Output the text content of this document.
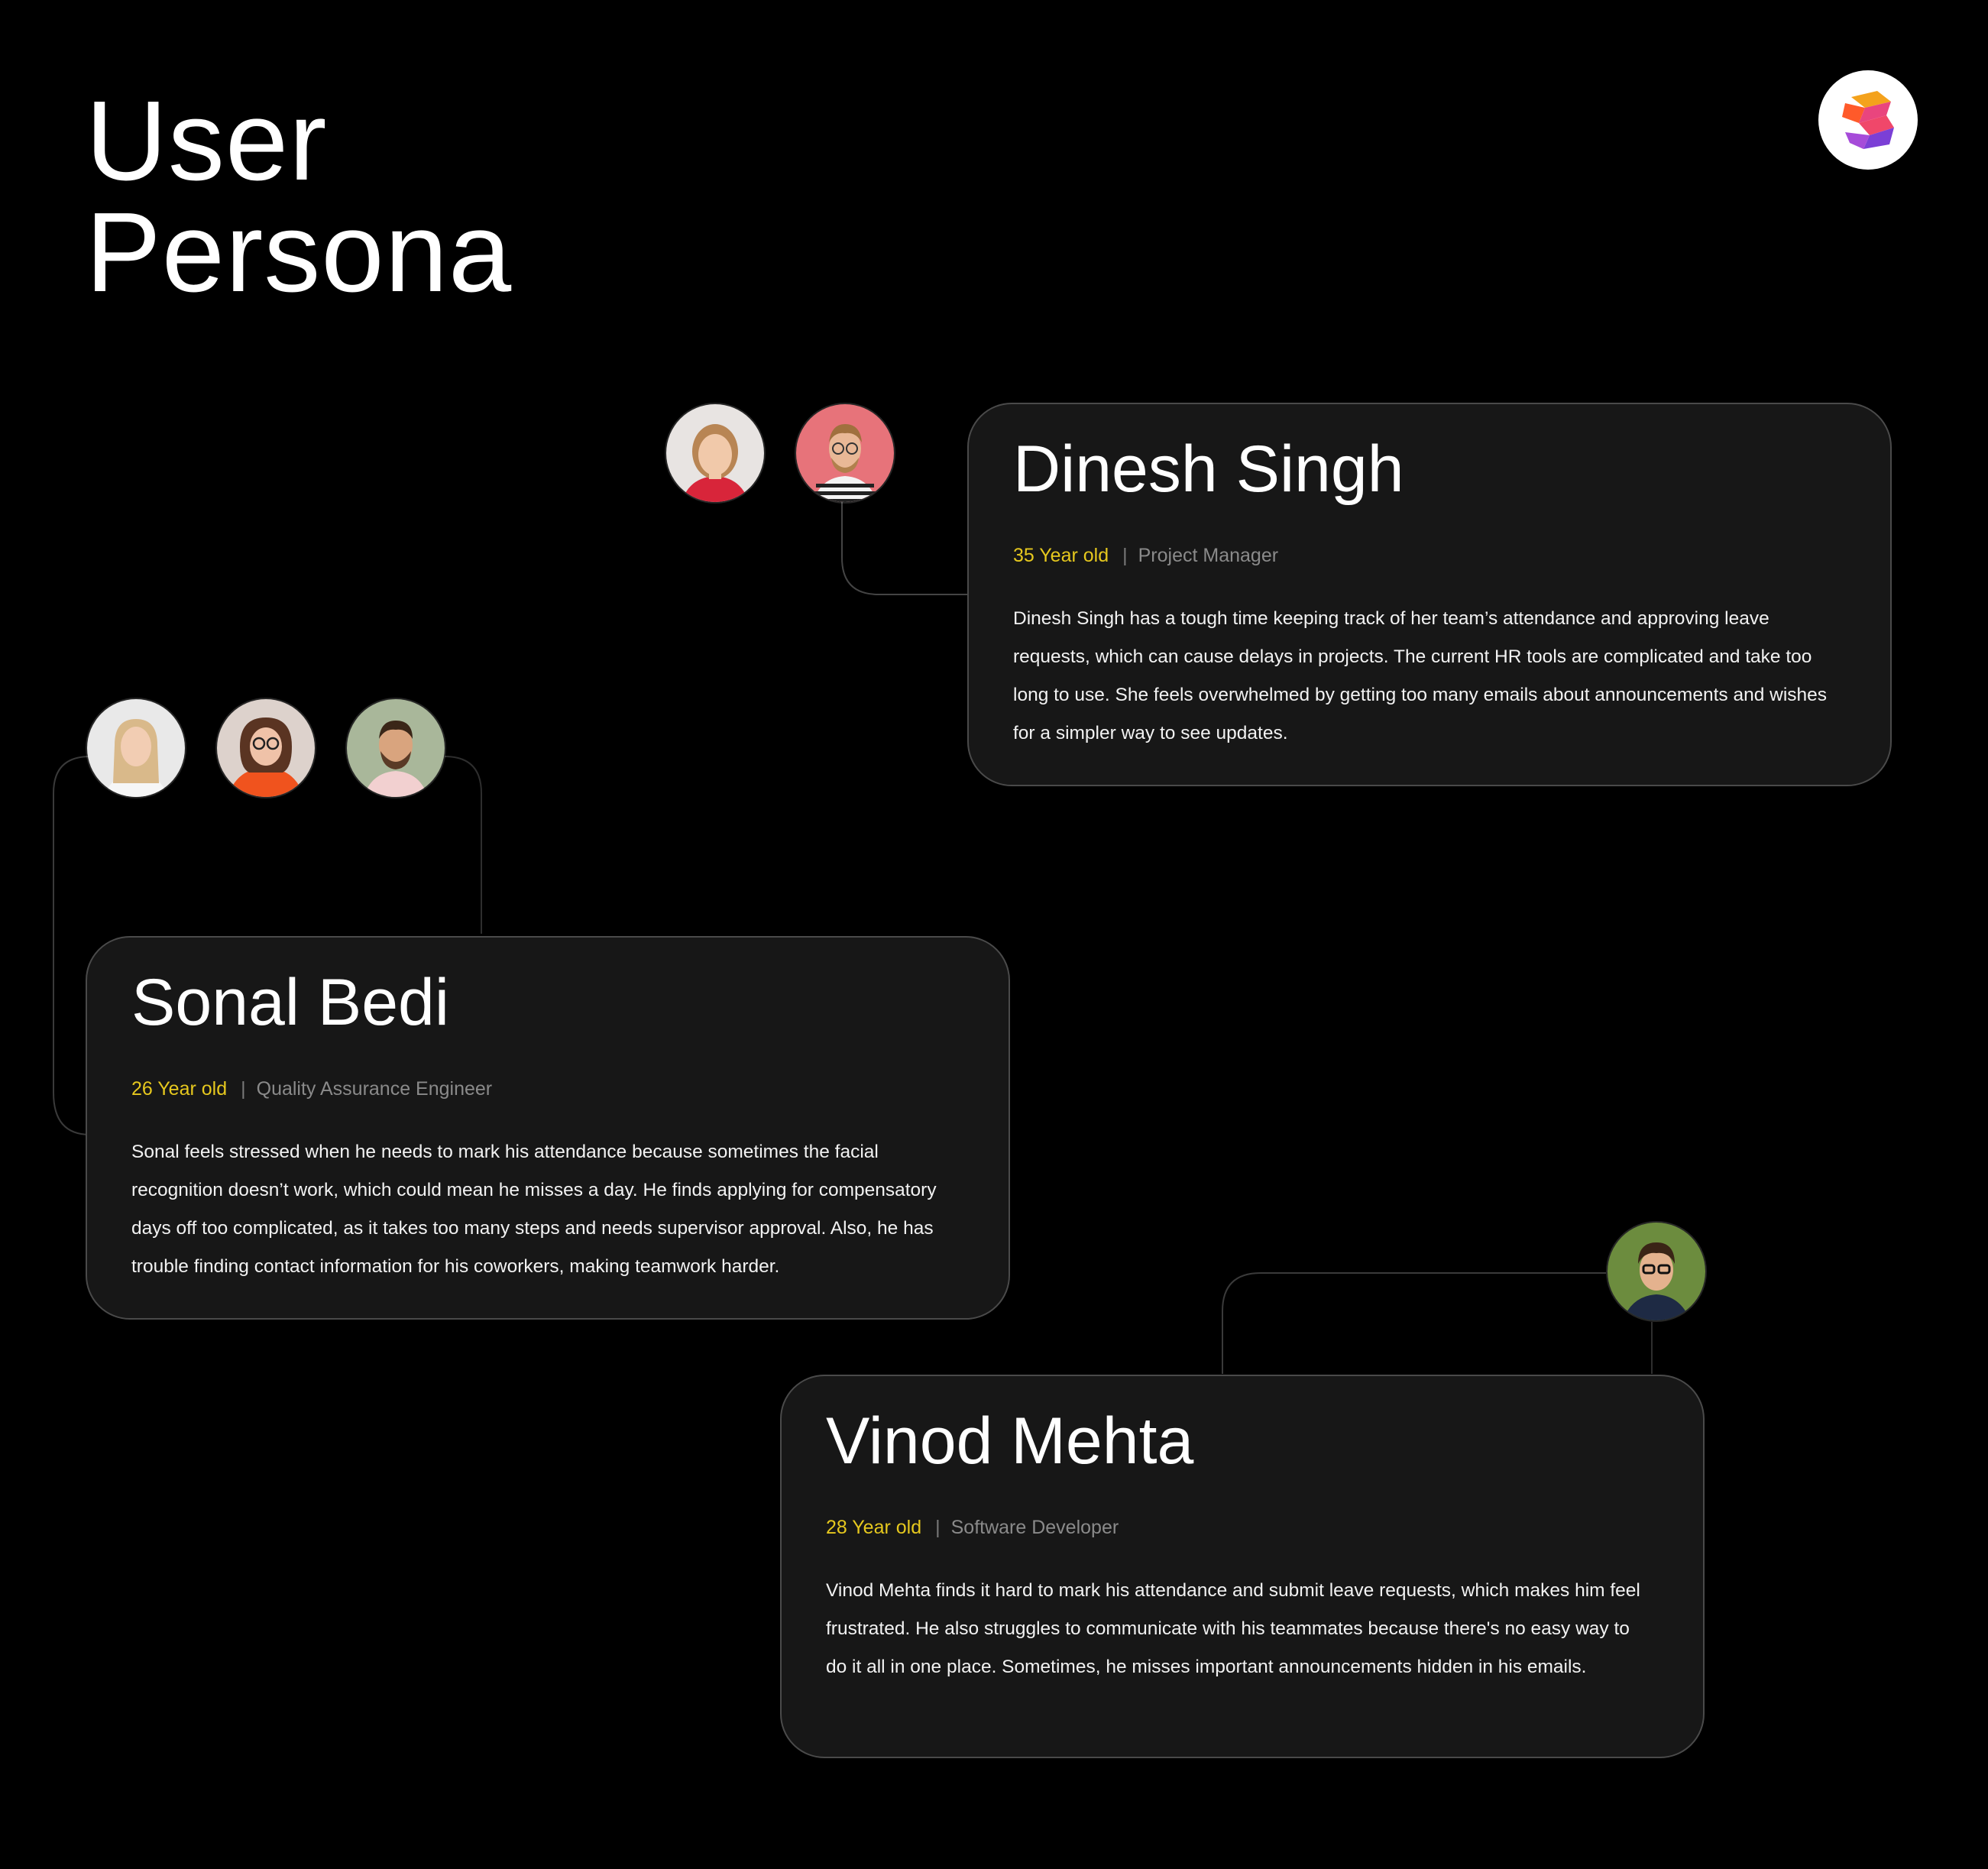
User
Persona
Dinesh Singh
35 Year old | Project Manager

Dinesh Singh has a tough time keeping track of her team’s attendance and approving leave requests, which can cause delays in projects. The current HR tools are complicated and take too long to use. She feels overwhelmed by getting too many emails about announcements and wishes for a simpler way to see updates.

Sonal Bedi
26 Year old | Quality Assurance Engineer

Sonal feels stressed when he needs to mark his attendance because sometimes the facial recognition doesn’t work, which could mean he misses a day. He finds applying for compensatory days off too complicated, as it takes too many steps and needs supervisor approval. Also, he has trouble finding contact information for his coworkers, making teamwork harder.

Vinod Mehta
28 Year old | Software Developer

Vinod Mehta finds it hard to mark his attendance and submit leave requests, which makes him feel frustrated. He also struggles to communicate with his teammates because there's no easy way to do it all in one place. Sometimes, he misses important announcements hidden in his emails.
